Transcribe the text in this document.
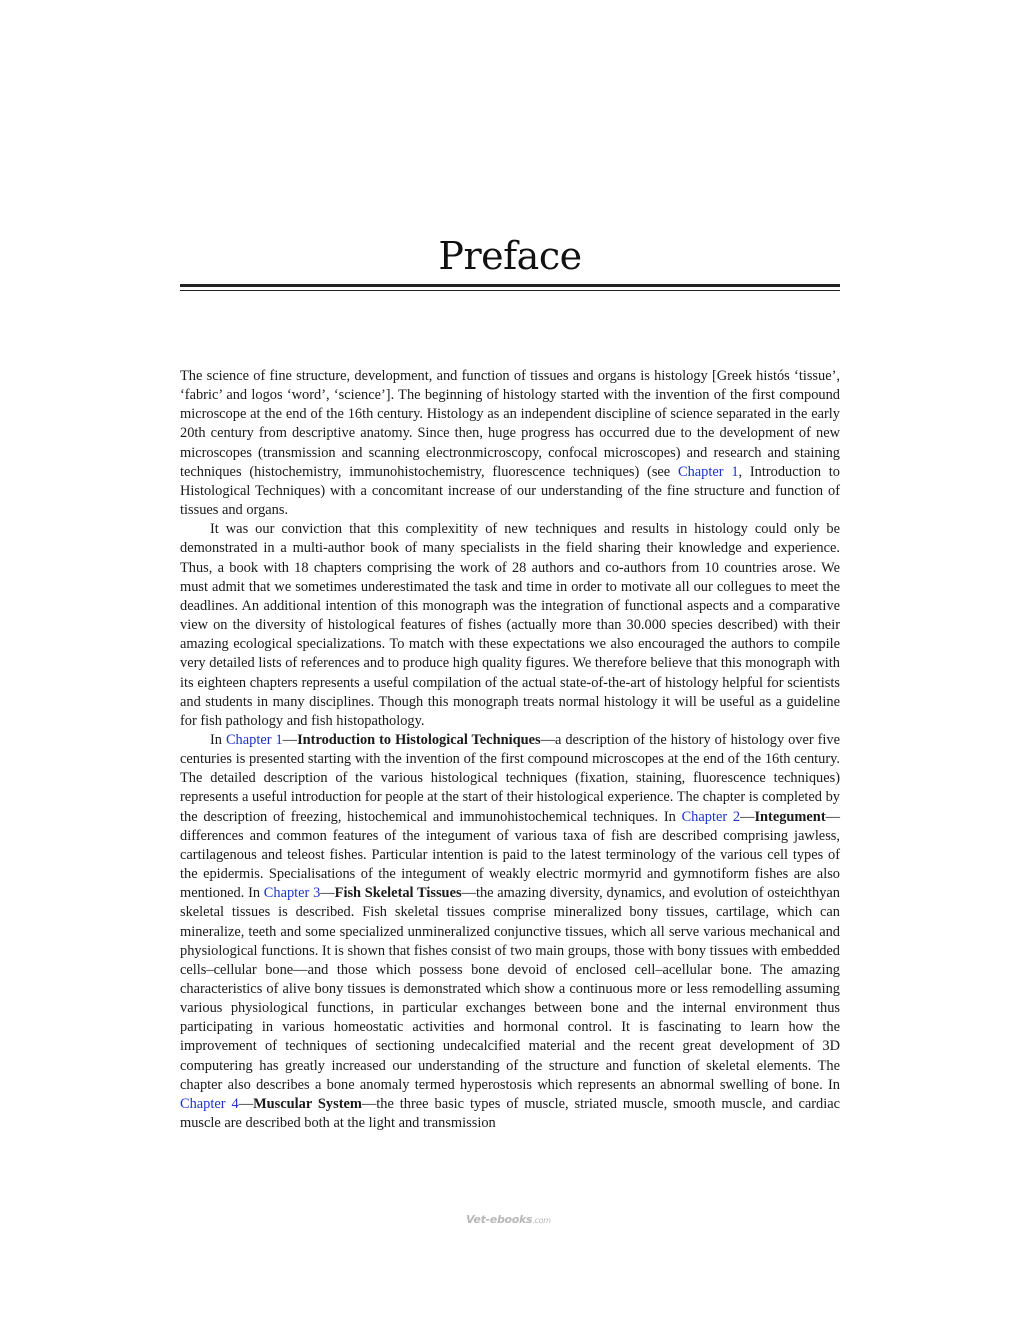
Preface

The science of fine structure, development, and function of tissues and organs is histology [Greek histós ‘tissue’, ‘fabric’ and logos ‘word’, ‘science’]. The beginning of histology started with the invention of the first compound microscope at the end of the 16th century. Histology as an independent discipline of science separated in the early 20th century from descriptive anatomy. Since then, huge progress has occurred due to the development of new microscopes (transmission and scanning electronmicroscopy, confocal microscopes) and research and staining techniques (histochemistry, immunohistochemistry, fluorescence techniques) (see Chapter 1, Introduction to Histological Techniques) with a concomitant increase of our understanding of the fine structure and function of tissues and organs.

It was our conviction that this complexitity of new techniques and results in histology could only be demonstrated in a multi-author book of many specialists in the field sharing their knowledge and experience. Thus, a book with 18 chapters comprising the work of 28 authors and co-authors from 10 countries arose. We must admit that we sometimes underestimated the task and time in order to motivate all our collegues to meet the deadlines. An additional intention of this monograph was the integration of functional aspects and a comparative view on the diversity of histological features of fishes (actually more than 30.000 species described) with their amazing ecological specializations. To match with these expectations we also encouraged the authors to compile very detailed lists of references and to produce high quality figures. We therefore believe that this monograph with its eighteen chapters represents a useful compilation of the actual state-of-the-art of histology helpful for scientists and students in many disciplines. Though this monograph treats normal histology it will be useful as a guideline for fish pathology and fish histopathology.

In Chapter 1—Introduction to Histological Techniques—a description of the history of histology over five centuries is presented starting with the invention of the first compound microscopes at the end of the 16th century. The detailed description of the various histological techniques (fixation, staining, fluorescence techniques) represents a useful introduction for people at the start of their histological experience. The chapter is completed by the description of freezing, histochemical and immunohistochemical techniques. In Chapter 2—Integument—differences and common features of the integument of various taxa of fish are described comprising jawless, cartilagenous and teleost fishes. Particular intention is paid to the latest terminology of the various cell types of the epidermis. Specialisations of the integument of weakly electric mormyrid and gymnotiform fishes are also mentioned. In Chapter 3—Fish Skeletal Tissues—the amazing diversity, dynamics, and evolution of osteichthyan skeletal tissues is described. Fish skeletal tissues comprise mineralized bony tissues, cartilage, which can mineralize, teeth and some specialized unmineralized conjunctive tissues, which all serve various mechanical and physiological functions. It is shown that fishes consist of two main groups, those with bony tissues with embedded cells–cellular bone—and those which possess bone devoid of enclosed cell–acellular bone. The amazing characteristics of alive bony tissues is demonstrated which show a continuous more or less remodelling assuming various physiological functions, in particular exchanges between bone and the internal environment thus participating in various homeostatic activities and hormonal control. It is fascinating to learn how the improvement of techniques of sectioning undecalcified material and the recent great development of 3D computering has greatly increased our understanding of the structure and function of skeletal elements. The chapter also describes a bone anomaly termed hyperostosis which represents an abnormal swelling of bone. In Chapter 4—Muscular System—the three basic types of muscle, striated muscle, smooth muscle, and cardiac muscle are described both at the light and transmission

Vet-ebooks.com
